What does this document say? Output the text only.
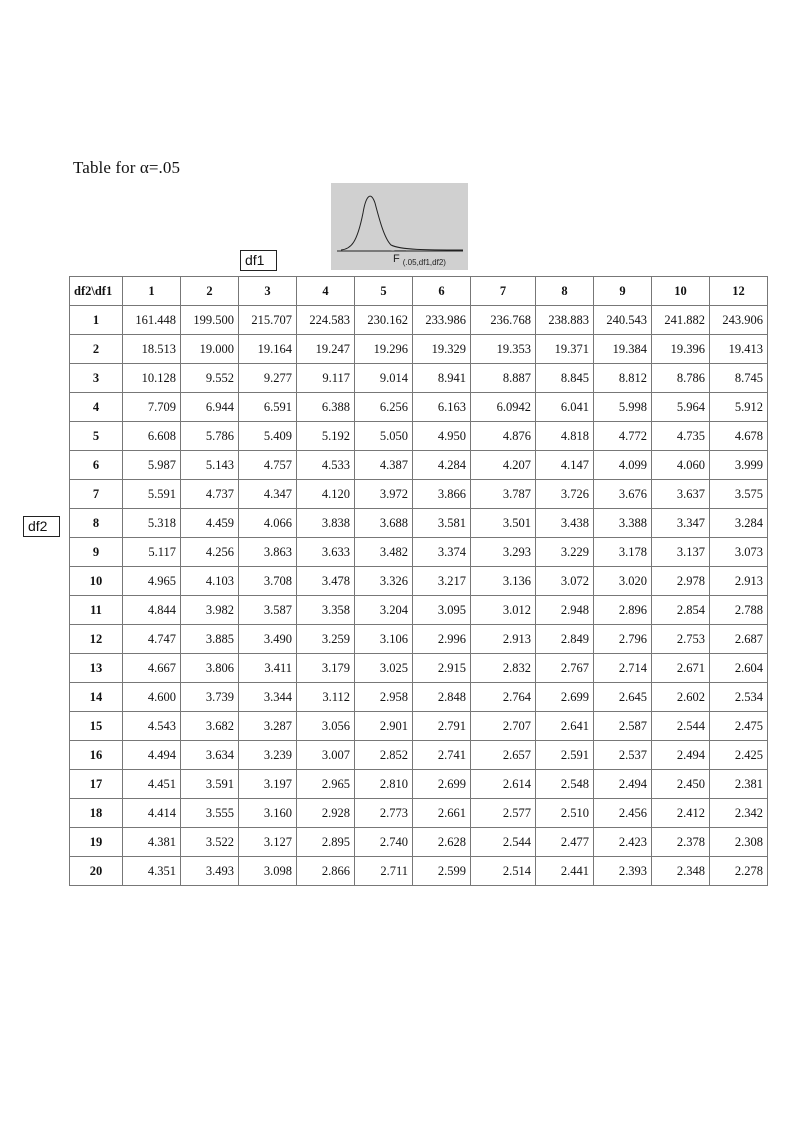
Table for α=.05
F $_{(.05,df1,df2)}$
df1
df2
df2\df1	1	2	3	4	5	6	7	8	9	10	12
1	161.448	199.500	215.707	224.583	230.162	233.986	236.768	238.883	240.543	241.882	243.906
2	18.513	19.000	19.164	19.247	19.296	19.329	19.353	19.371	19.384	19.396	19.413
3	10.128	9.552	9.277	9.117	9.014	8.941	8.887	8.845	8.812	8.786	8.745
4	7.709	6.944	6.591	6.388	6.256	6.163	6.0942	6.041	5.998	5.964	5.912
5	6.608	5.786	5.409	5.192	5.050	4.950	4.876	4.818	4.772	4.735	4.678
6	5.987	5.143	4.757	4.533	4.387	4.284	4.207	4.147	4.099	4.060	3.999
7	5.591	4.737	4.347	4.120	3.972	3.866	3.787	3.726	3.676	3.637	3.575
8	5.318	4.459	4.066	3.838	3.688	3.581	3.501	3.438	3.388	3.347	3.284
9	5.117	4.256	3.863	3.633	3.482	3.374	3.293	3.229	3.178	3.137	3.073
10	4.965	4.103	3.708	3.478	3.326	3.217	3.136	3.072	3.020	2.978	2.913
11	4.844	3.982	3.587	3.358	3.204	3.095	3.012	2.948	2.896	2.854	2.788
12	4.747	3.885	3.490	3.259	3.106	2.996	2.913	2.849	2.796	2.753	2.687
13	4.667	3.806	3.411	3.179	3.025	2.915	2.832	2.767	2.714	2.671	2.604
14	4.600	3.739	3.344	3.112	2.958	2.848	2.764	2.699	2.645	2.602	2.534
15	4.543	3.682	3.287	3.056	2.901	2.791	2.707	2.641	2.587	2.544	2.475
16	4.494	3.634	3.239	3.007	2.852	2.741	2.657	2.591	2.537	2.494	2.425
17	4.451	3.591	3.197	2.965	2.810	2.699	2.614	2.548	2.494	2.450	2.381
18	4.414	3.555	3.160	2.928	2.773	2.661	2.577	2.510	2.456	2.412	2.342
19	4.381	3.522	3.127	2.895	2.740	2.628	2.544	2.477	2.423	2.378	2.308
20	4.351	3.493	3.098	2.866	2.711	2.599	2.514	2.441	2.393	2.348	2.278
